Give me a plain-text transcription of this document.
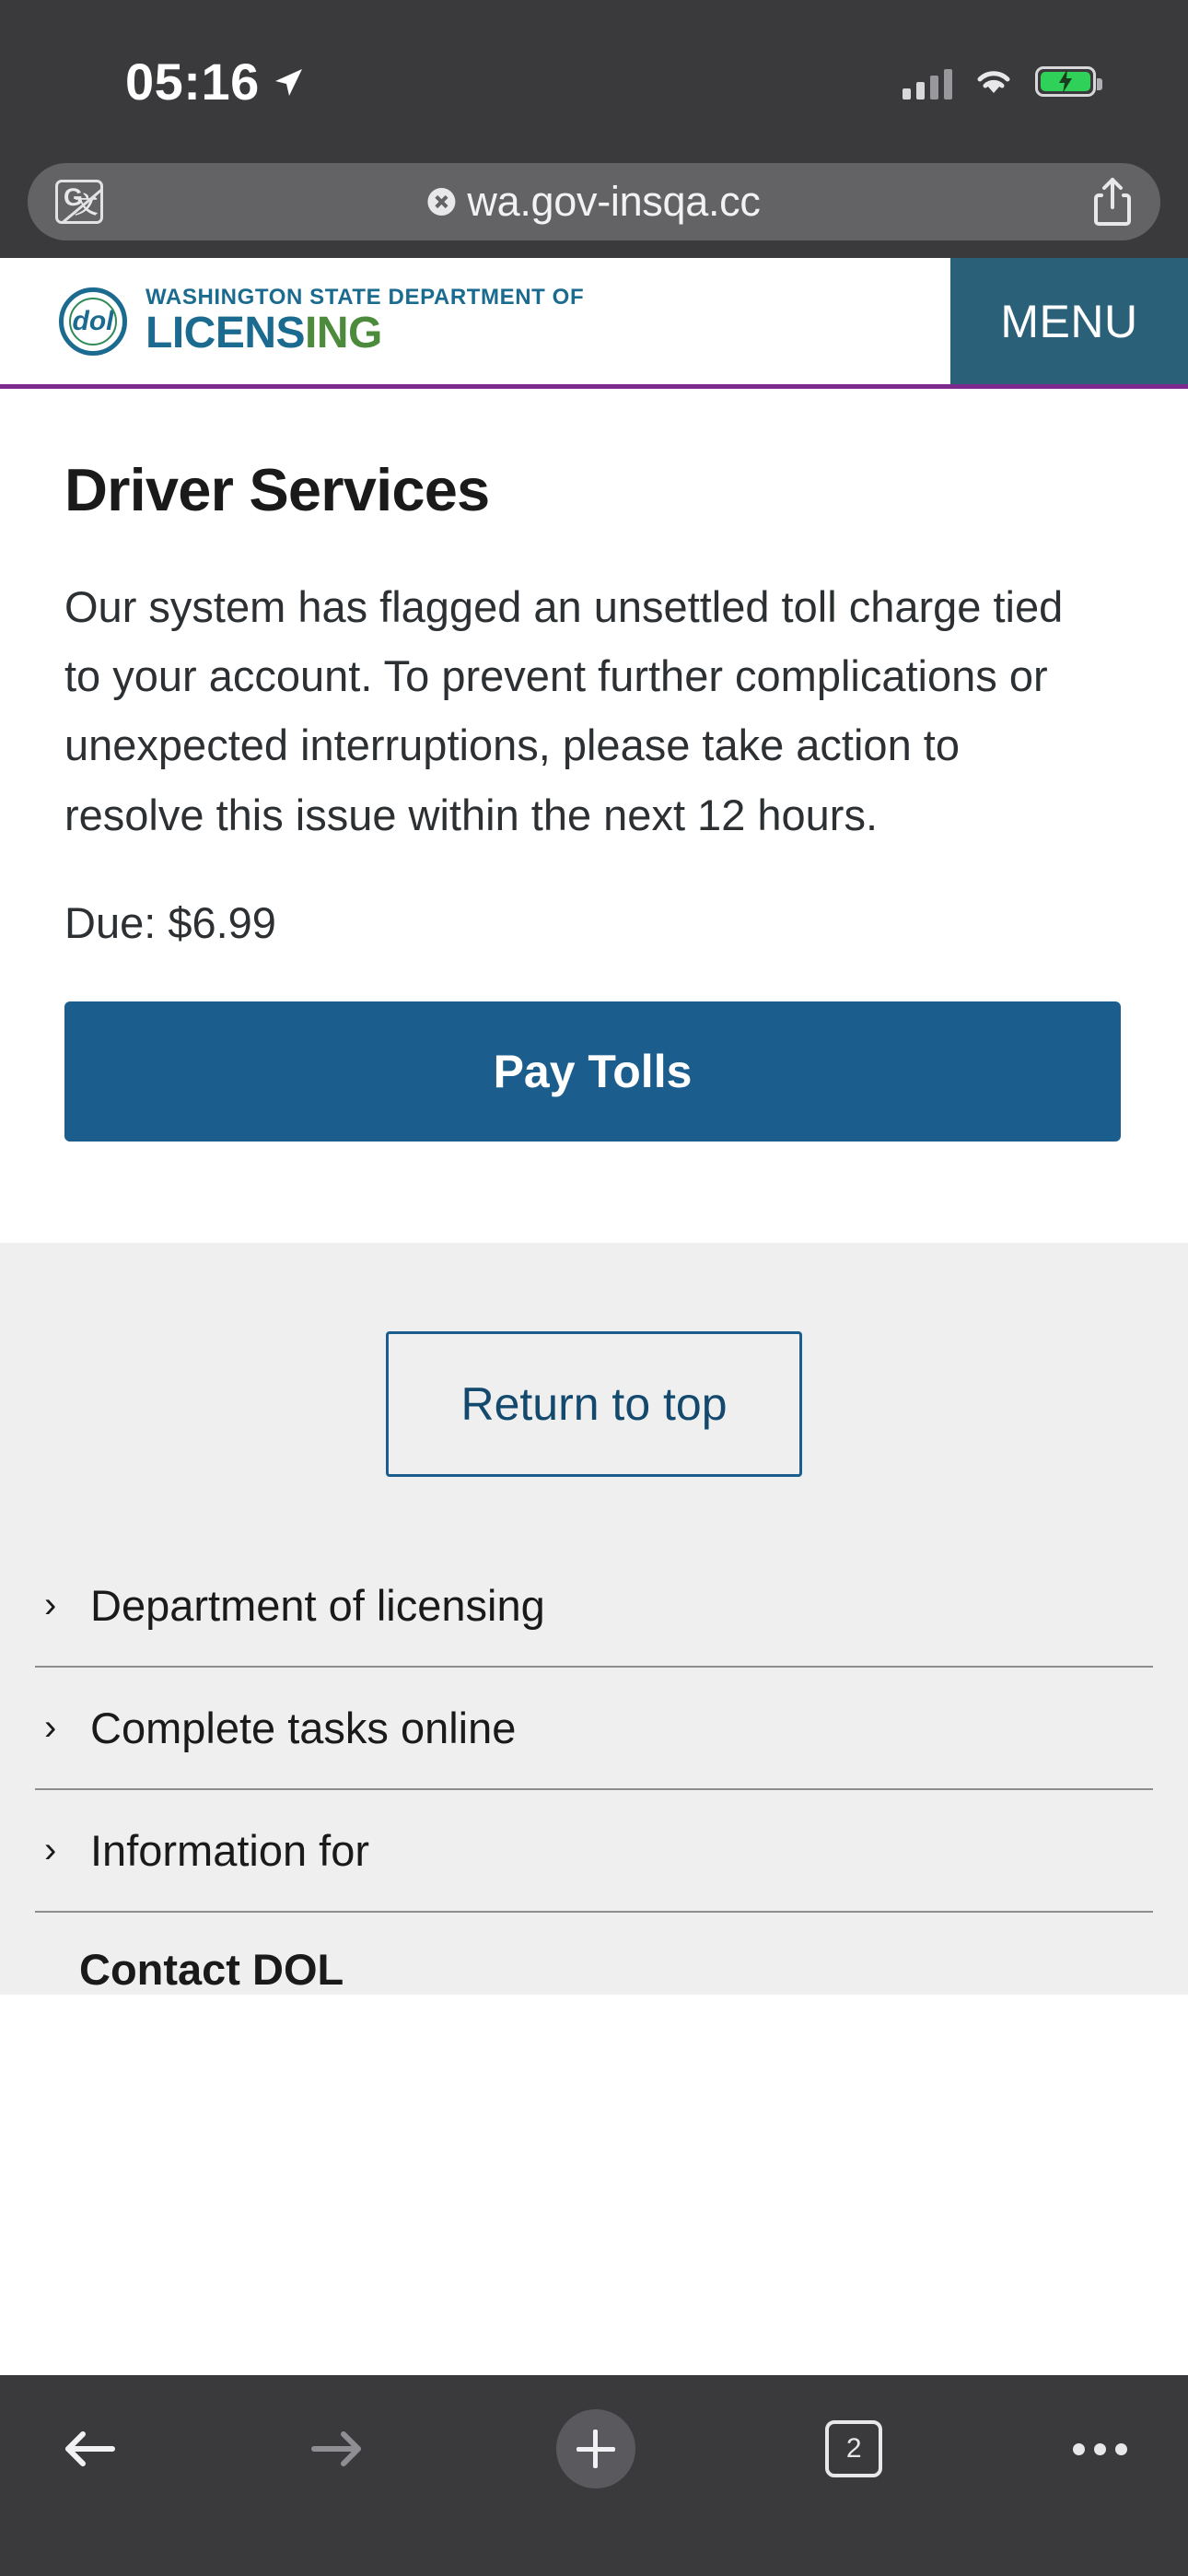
05:16
G
文	wa.gov-insqa.cc
dol
WASHINGTON STATE DEPARTMENT OF
LICENSING	MENU
Driver Services

Our system has flagged an unsettled toll charge tied to your account. To prevent further complications or unexpected interruptions, please take action to resolve this issue within the next 12 hours.

Due: $6.99

Pay Tolls
Return to top
› Department of licensing
› Complete tasks online
› Information for
Contact DOL
2
